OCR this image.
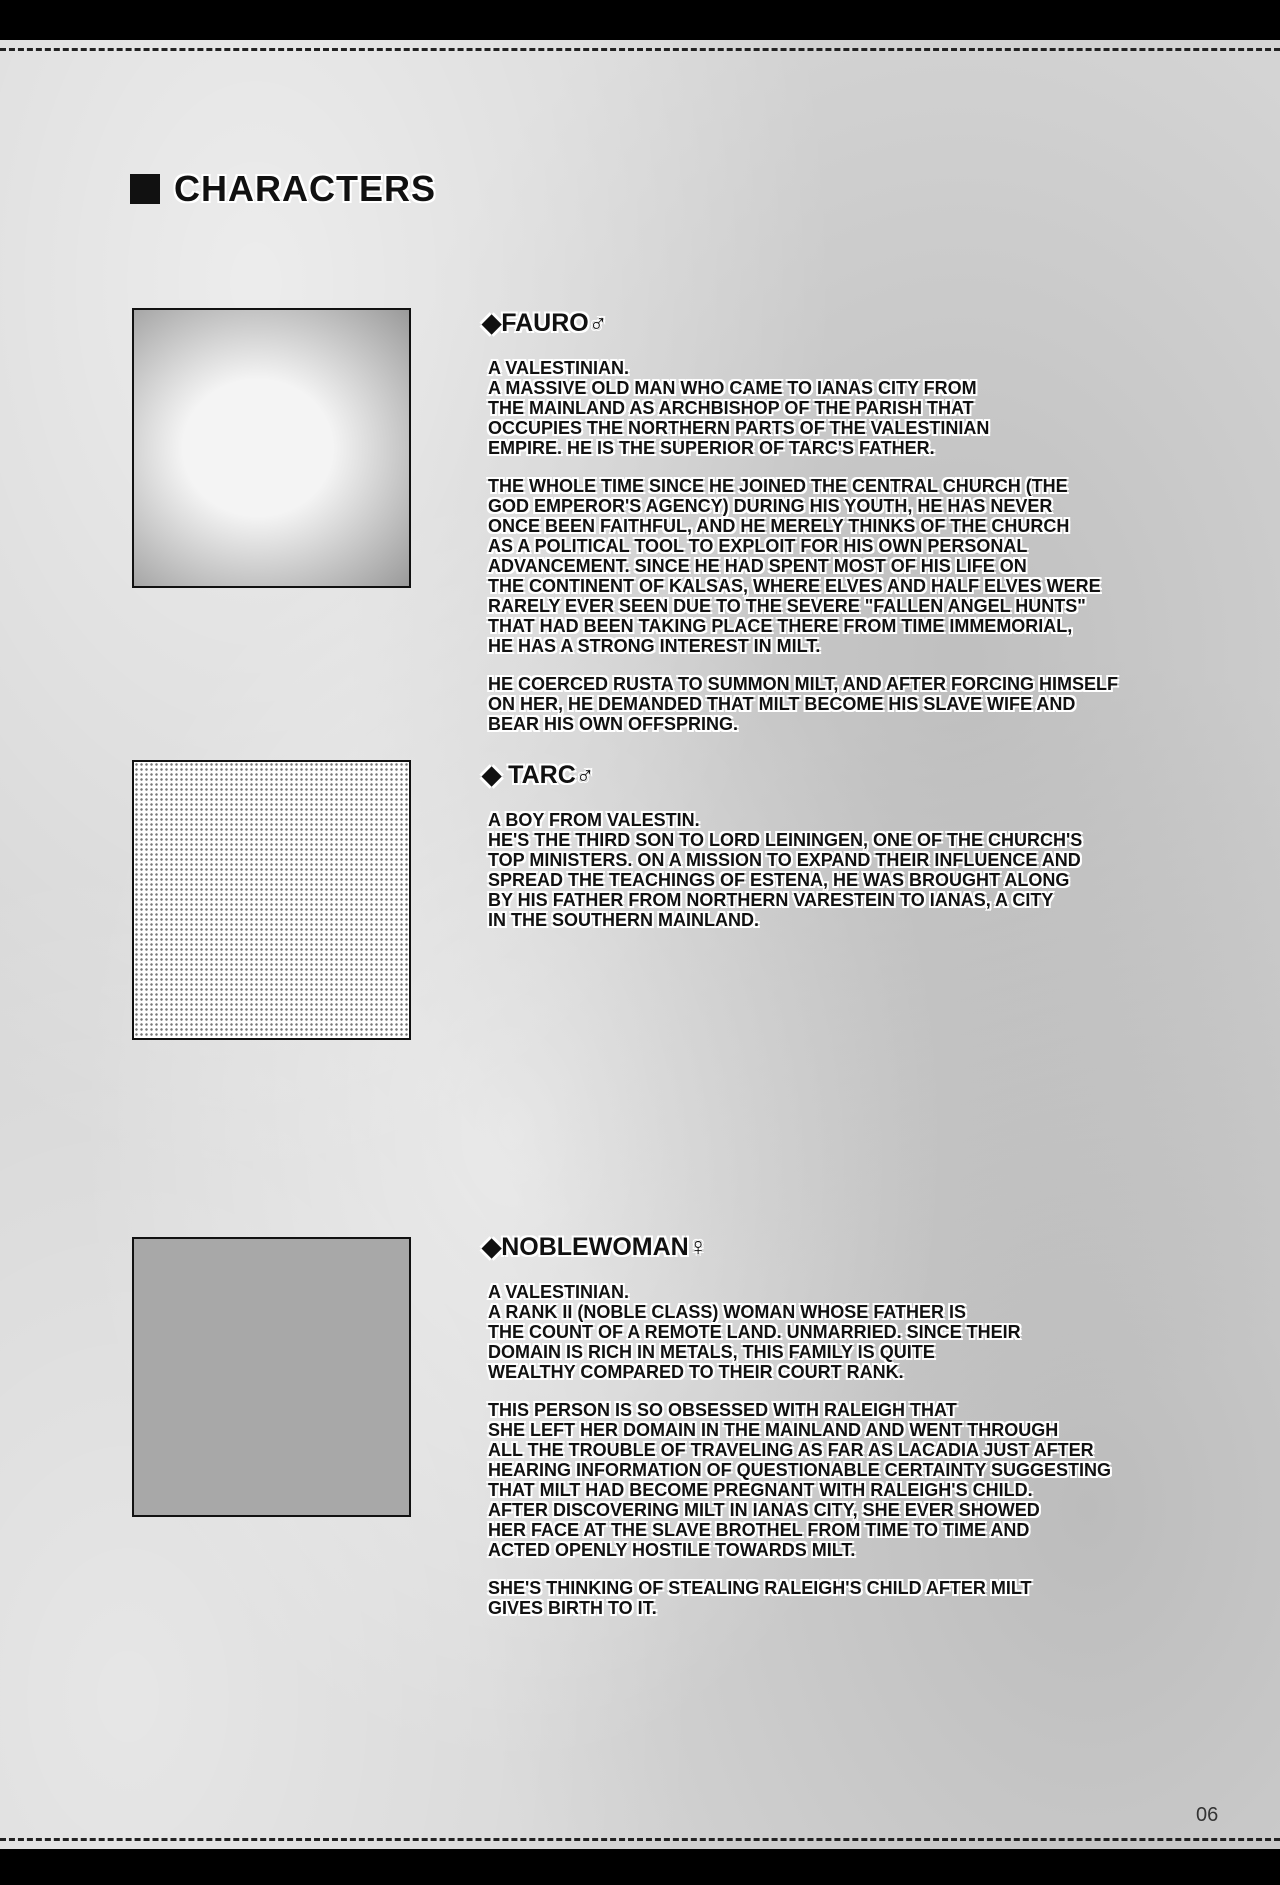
CHARACTERS
◆FAURO♂
A VALESTINIAN.
A MASSIVE OLD MAN WHO CAME TO IANAS CITY FROM
THE MAINLAND AS ARCHBISHOP OF THE PARISH THAT
OCCUPIES THE NORTHERN PARTS OF THE VALESTINIAN
EMPIRE. HE IS THE SUPERIOR OF TARC'S FATHER.
THE WHOLE TIME SINCE HE JOINED THE CENTRAL CHURCH (THE
GOD EMPEROR'S AGENCY) DURING HIS YOUTH, HE HAS NEVER
ONCE BEEN FAITHFUL, AND HE MERELY THINKS OF THE CHURCH
AS A POLITICAL TOOL TO EXPLOIT FOR HIS OWN PERSONAL
ADVANCEMENT. SINCE HE HAD SPENT MOST OF HIS LIFE ON
THE CONTINENT OF KALSAS, WHERE ELVES AND HALF ELVES WERE
RARELY EVER SEEN DUE TO THE SEVERE "FALLEN ANGEL HUNTS"
THAT HAD BEEN TAKING PLACE THERE FROM TIME IMMEMORIAL,
HE HAS A STRONG INTEREST IN MILT.
HE COERCED RUSTA TO SUMMON MILT, AND AFTER FORCING HIMSELF
ON HER, HE DEMANDED THAT MILT BECOME HIS SLAVE WIFE AND
BEAR HIS OWN OFFSPRING.
◆ TARC♂
A BOY FROM VALESTIN.
HE'S THE THIRD SON TO LORD LEININGEN, ONE OF THE CHURCH'S
TOP MINISTERS. ON A MISSION TO EXPAND THEIR INFLUENCE AND
SPREAD THE TEACHINGS OF ESTENA, HE WAS BROUGHT ALONG
BY HIS FATHER FROM NORTHERN VARESTEIN TO IANAS, A CITY
IN THE SOUTHERN MAINLAND.
◆NOBLEWOMAN♀
A VALESTINIAN.
A RANK II (NOBLE CLASS) WOMAN WHOSE FATHER IS
THE COUNT OF A REMOTE LAND. UNMARRIED. SINCE THEIR
DOMAIN IS RICH IN METALS, THIS FAMILY IS QUITE
WEALTHY COMPARED TO THEIR COURT RANK.
THIS PERSON IS SO OBSESSED WITH RALEIGH THAT
SHE LEFT HER DOMAIN IN THE MAINLAND AND WENT THROUGH
ALL THE TROUBLE OF TRAVELING AS FAR AS LACADIA JUST AFTER
HEARING INFORMATION OF QUESTIONABLE CERTAINTY SUGGESTING
THAT MILT HAD BECOME PREGNANT WITH RALEIGH'S CHILD.
AFTER DISCOVERING MILT IN IANAS CITY, SHE EVER SHOWED
HER FACE AT THE SLAVE BROTHEL FROM TIME TO TIME AND
ACTED OPENLY HOSTILE TOWARDS MILT.
SHE'S THINKING OF STEALING RALEIGH'S CHILD AFTER MILT
GIVES BIRTH TO IT.
06
